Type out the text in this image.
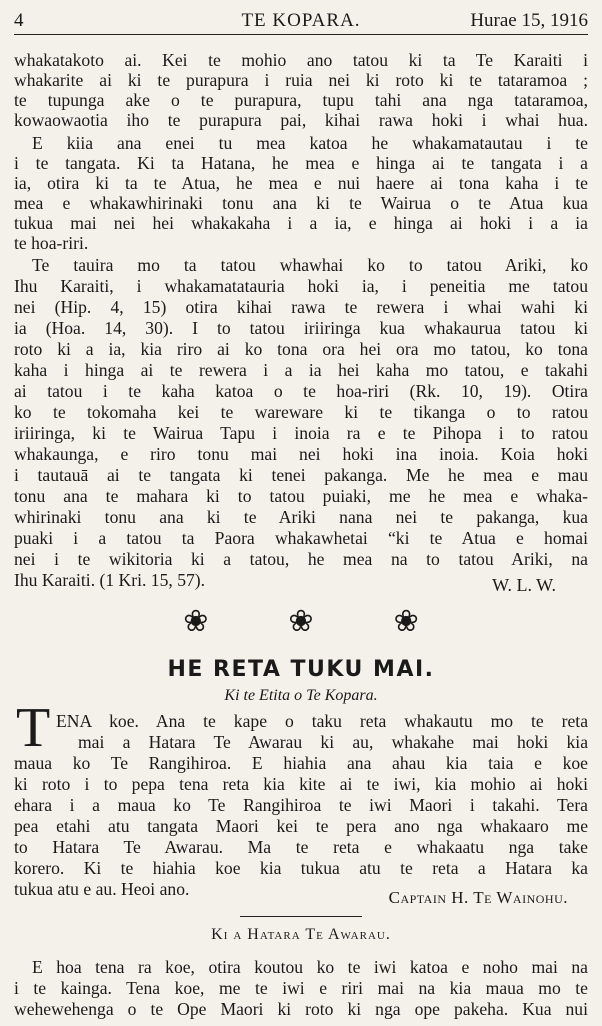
4	TE KOPARA.	Hurae 15, 1916
whakatakoto ai. Kei te mohio ano tatou ki ta Te Karaiti i
whakarite ai ki te purapura i ruia nei ki roto ki te tataramoa ;
te tupunga ake o te purapura, tupu tahi ana nga tataramoa,
kowaowaotia iho te purapura pai, kihai rawa hoki i whai hua.
E kiia ana enei tu mea katoa he whakamatautau i te
i te tangata. Ki ta Hatana, he mea e hinga ai te tangata i a
ia, otira ki ta te Atua, he mea e nui haere ai tona kaha i te
mea e whakawhirinaki tonu ana ki te Wairua o te Atua kua
tukua mai nei hei whakakaha i a ia, e hinga ai hoki i a ia
te hoa-riri.
Te tauira mo ta tatou whawhai ko to tatou Ariki, ko
Ihu Karaiti, i whakamatatauria hoki ia, i peneitia me tatou
nei (Hip. 4, 15) otira kihai rawa te rewera i whai wahi ki
ia (Hoa. 14, 30). I to tatou iriiringa kua whakaurua tatou ki
roto ki a ia, kia riro ai ko tona ora hei ora mo tatou, ko tona
kaha i hinga ai te rewera i a ia hei kaha mo tatou, e takahi
ai tatou i te kaha katoa o te hoa-riri (Rk. 10, 19). Otira
ko te tokomaha kei te wareware ki te tikanga o to ratou
iriiringa, ki te Wairua Tapu i inoia ra e te Pihopa i to ratou
whakaunga, e riro tonu mai nei hoki ina inoia. Koia hoki
i tautauā ai te tangata ki tenei pakanga. Me he mea e mau
tonu ana te mahara ki to tatou puiaki, me he mea e whaka-
whirinaki tonu ana ki te Ariki nana nei te pakanga, kua
puaki i a tatou ta Paora whakawhetai “ki te Atua e homai
nei i te wikitoria ki a tatou, he mea na to tatou Ariki, na
Ihu Karaiti. (1 Kri. 15, 57).	W. L. W.
❀ ❀ ❀
HE RETA TUKU MAI.
Ki te Etita o Te Kopara.
T ENA koe. Ana te kape o taku reta whakautu mo te reta
mai a Hatara Te Awarau ki au, whakahe mai hoki kia
maua ko Te Rangihiroa. E hiahia ana ahau kia taia e koe
ki roto i to pepa tena reta kia kite ai te iwi, kia mohio ai hoki
ehara i a maua ko Te Rangihiroa te iwi Maori i takahi. Tera
pea etahi atu tangata Maori kei te pera ano nga whakaaro me
to Hatara Te Awarau. Ma te reta e whakaatu nga take
korero. Ki te hiahia koe kia tukua atu te reta a Hatara ka
tukua atu e au. Heoi ano.	Captain H. Te Wainohu.
Ki a Hatara Te Awarau.
E hoa tena ra koe, otira koutou ko te iwi katoa e noho mai na
i te kainga. Tena koe, me te iwi e riri mai na kia maua mo te
wehewehenga o te Ope Maori ki roto ki nga ope pakeha. Kua nui
